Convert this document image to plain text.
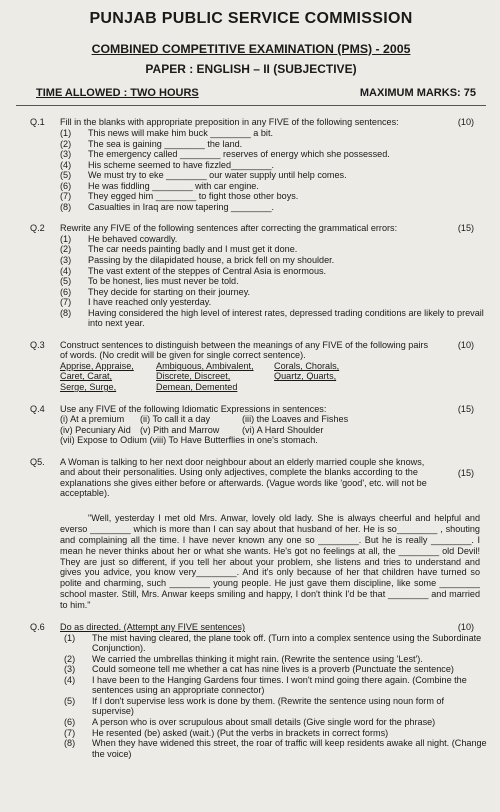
PUNJAB PUBLIC SERVICE COMMISSION
COMBINED COMPETITIVE EXAMINATION (PMS) - 2005
PAPER : ENGLISH – II (SUBJECTIVE)
TIME ALLOWED : TWO HOURS	MAXIMUM MARKS: 75
Q.1	Fill in the blanks with appropriate preposition in any FIVE of the following sentences:	(10)
(1)	This news will make him buck ________ a bit.
(2)	The sea is gaining ________ the land.
(3)	The emergency called ________ reserves of energy which she possessed.
(4)	His scheme seemed to have fizzled________.
(5)	We must try to eke ________ our water supply until help comes.
(6)	He was fiddling ________ with car engine.
(7)	They egged him ________ to fight those other boys.
(8)	Casualties in Iraq are now tapering ________.
Q.2	Rewrite any FIVE of the following sentences after correcting the grammatical errors:	(15)
(1)	He behaved cowardly.
(2)	The car needs painting badly and I must get it done.
(3)	Passing by the dilapidated house, a brick fell on my shoulder.
(4)	The vast extent of the steppes of Central Asia is enormous.
(5)	To be honest, lies must never be told.
(6)	They decide for starting on their journey.
(7)	I have reached only yesterday.
(8)	Having considered the high level of interest rates, depressed trading conditions are likely to prevail into next year.
Q.3	Construct sentences to distinguish between the meanings of any FIVE of the following pairs of words. (No credit will be given for single correct sentence).
(10)
Apprise, Appraise,	Ambiguous, Ambivalent,	Corals, Chorals,
Caret, Carat,	Discrete, Discreet,	Quartz, Quarts,
Serge, Surge,	Demean, Demented
Q.4	Use any FIVE of the following Idiomatic Expressions in sentences:	(15)
(i) At a premium	(ii) To call it a day	(iii) the Loaves and Fishes
(iv) Pecuniary Aid	(v) Pith and Marrow	(vi) A Hard Shoulder
(vii) Expose to Odium (viii) To Have Butterflies in one's stomach.
Q5.	A Woman is talking to her next door neighbour about an elderly married couple she knows, and about their personalities. Using only adjectives, complete the blanks according to the explanations she gives either before or afterwards. (Vague words like 'good', etc. will not be acceptable).
(15)
"Well, yesterday I met old Mrs. Anwar, lovely old lady. She is always cheerful and helpful and everso ________ which is more than I can say about that husband of her. He is so________ , shouting and complaining all the time. I have never known any one so ________. But he is really ________. I mean he never thinks about her or what she wants. He's got no feelings at all, the ________ old Devil! They are just so different, if you tell her about your problem, she listens and tries to understand and gives you advice, you know very________. And it's only because of her that children have turned so polite and charming, such ________ young people. He just gave them discipline, like some ________ school master. Still, Mrs. Anwar keeps smiling and happy, I don't think I'd be that ________ and married to him."
Q.6	Do as directed. (Attempt any FIVE sentences)	(10)
(1)	The mist having cleared, the plane took off. (Turn into a complex sentence using the Subordinate Conjunction).
(2)	We carried the umbrellas thinking it might rain. (Rewrite the sentence using 'Lest').
(3)	Could someone tell me whether a cat has nine lives is a proverb (Punctuate the sentence)
(4)	I have been to the Hanging Gardens four times. I won't mind going there again. (Combine the sentences using an appropriate connector)
(5)	If I don't supervise less work is done by them. (Rewrite the sentence using noun form of supervise)
(6)	A person who is over scrupulous about small details (Give single word for the phrase)
(7)	He resented (be) asked (wait.) (Put the verbs in brackets in correct forms)
(8)	When they have widened this street, the roar of traffic will keep residents awake all night. (Change the voice)
